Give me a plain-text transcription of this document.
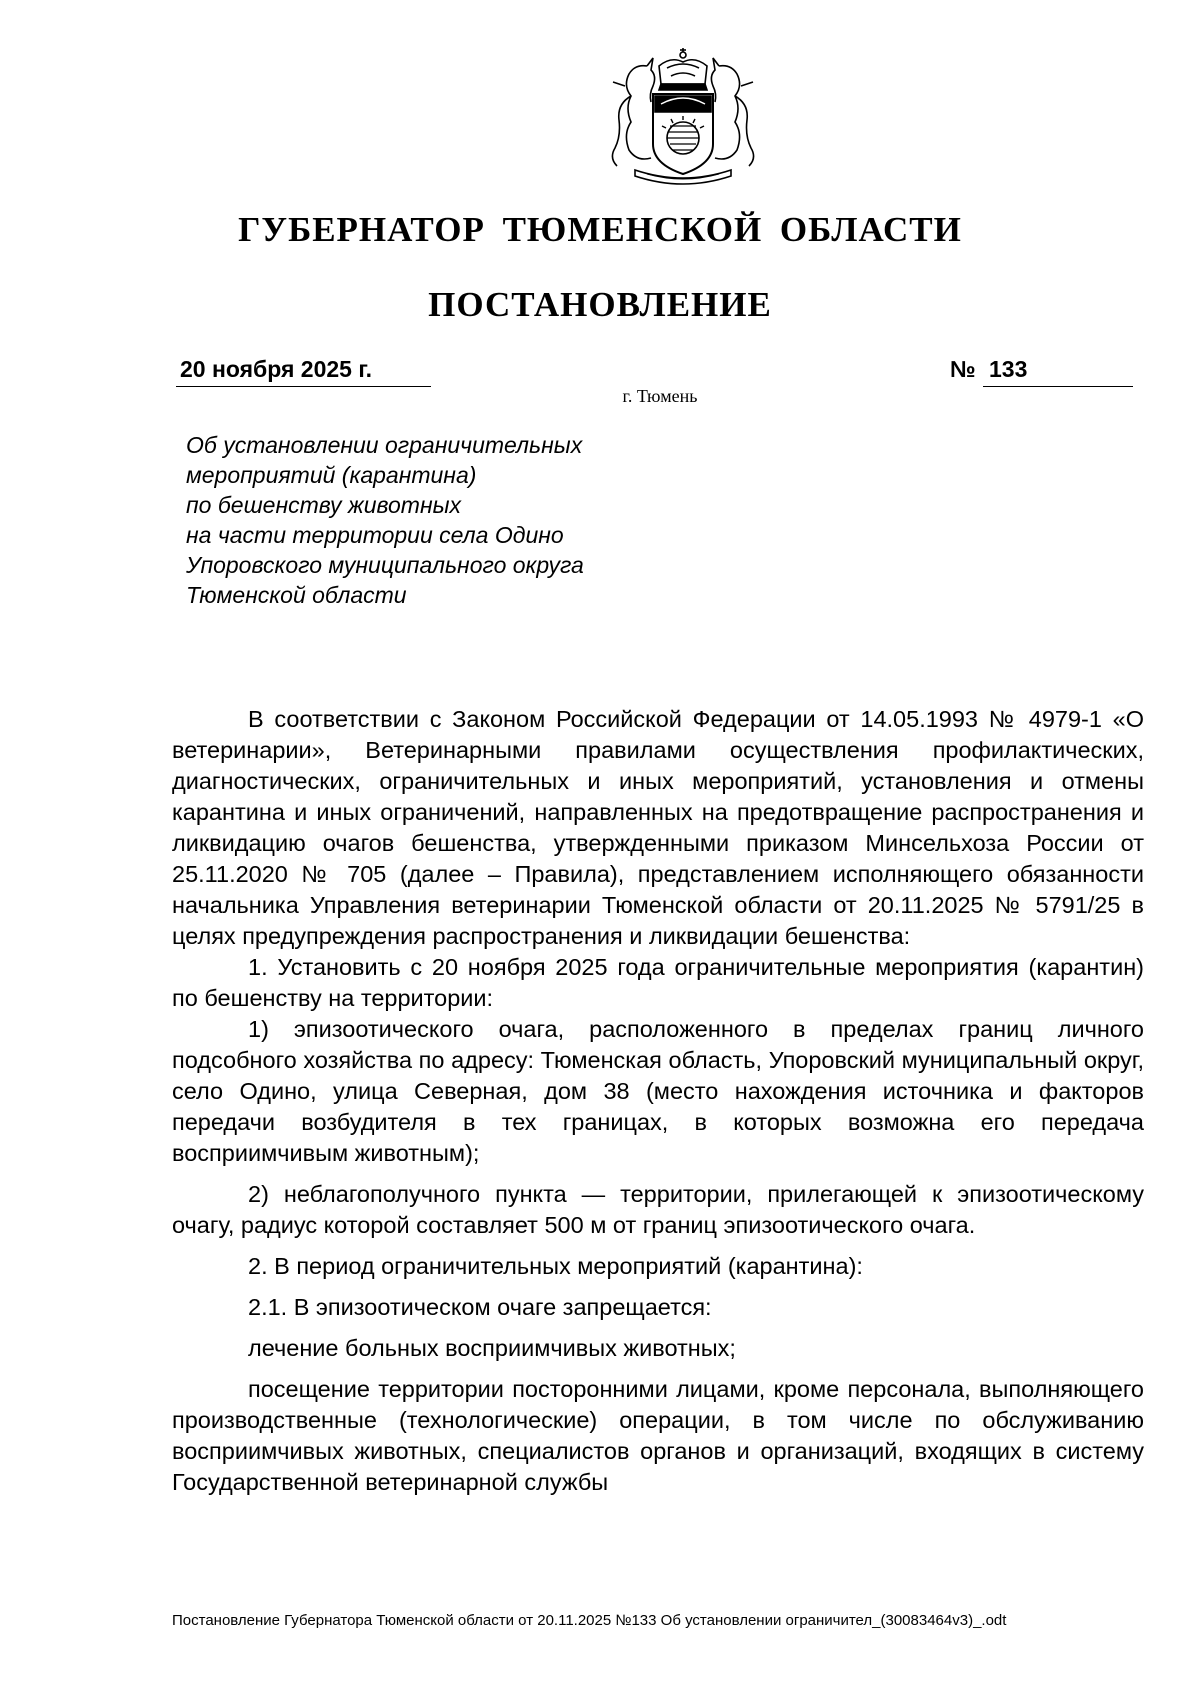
ГУБЕРНАТОР ТЮМЕНСКОЙ ОБЛАСТИ
ПОСТАНОВЛЕНИЕ
20 ноября 2025 г.	№ 133
г. Тюмень
Об установлении ограничительных
мероприятий (карантина)
по бешенству животных
на части территории села Одино
Упоровского муниципального округа
Тюменской области

В соответствии с Законом Российской Федерации от 14.05.1993 № 4979-1 «О ветеринарии», Ветеринарными правилами осуществления профилактических, диагностических, ограничительных и иных мероприятий, установления и отмены карантина и иных ограничений, направленных на предотвращение распространения и ликвидацию очагов бешенства, утвержденными приказом Минсельхоза России от 25.11.2020 № 705 (далее – Правила), представлением исполняющего обязанности начальника Управления ветеринарии Тюменской области от 20.11.2025 № 5791/25 в целях предупреждения распространения и ликвидации бешенства:

1. Установить с 20 ноября 2025 года ограничительные мероприятия (карантин) по бешенству на территории:

1) эпизоотического очага, расположенного в пределах границ личного подсобного хозяйства по адресу: Тюменская область, Упоровский муниципальный округ, село Одино, улица Северная, дом 38 (место нахождения источника и факторов передачи возбудителя в тех границах, в которых возможна его передача восприимчивым животным);

2) неблагополучного пункта — территории, прилегающей к эпизоотическому очагу, радиус которой составляет 500 м от границ эпизоотического очага.

2. В период ограничительных мероприятий (карантина):

2.1. В эпизоотическом очаге запрещается:

лечение больных восприимчивых животных;

посещение территории посторонними лицами, кроме персонала, выполняющего производственные (технологические) операции, в том числе по обслуживанию восприимчивых животных, специалистов органов и организаций, входящих в систему Государственной ветеринарной службы

Постановление Губернатора Тюменской области от 20.11.2025 №133 Об установлении ограничител_(30083464v3)_.odt
